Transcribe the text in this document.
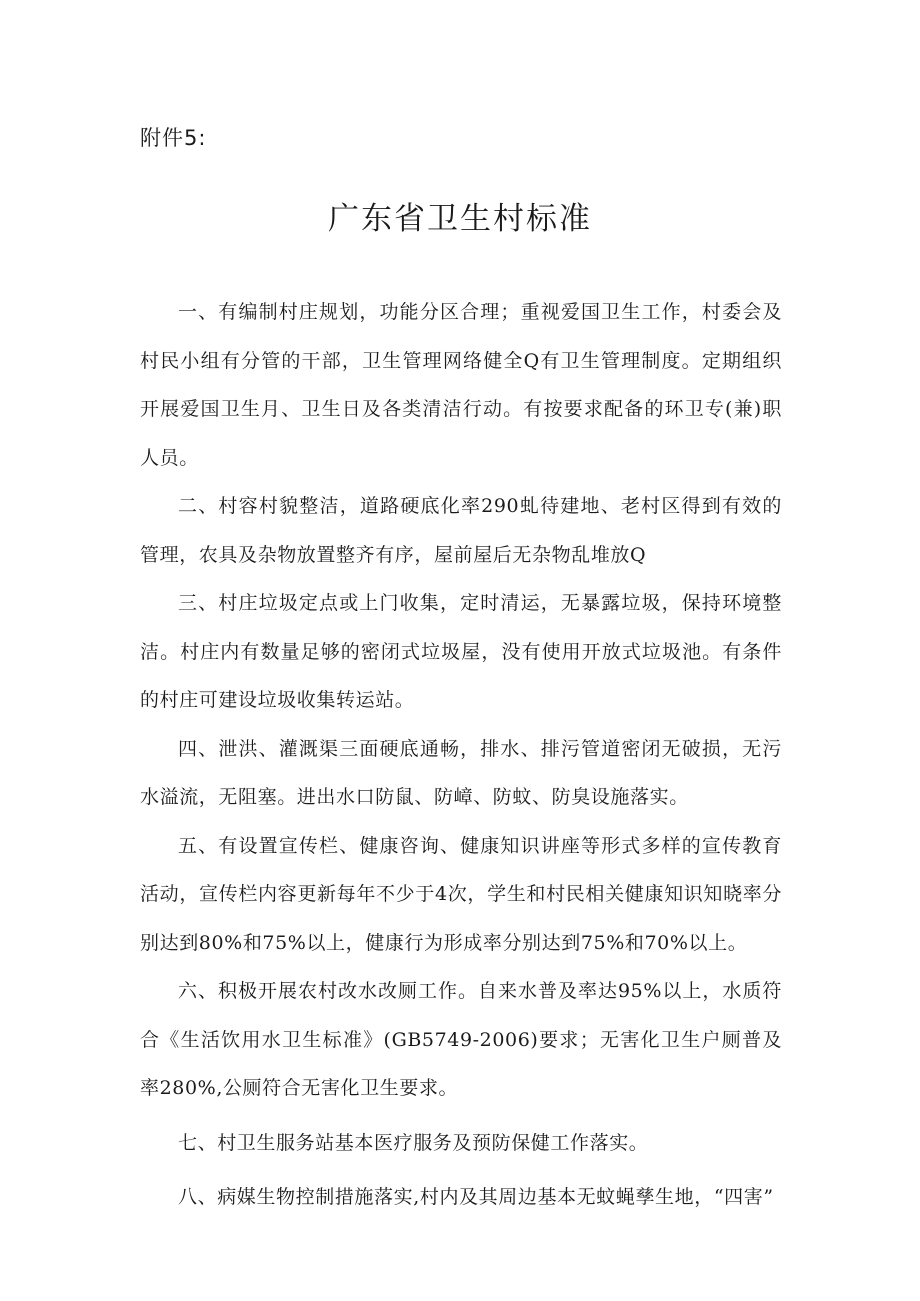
附件5:
广东省卫生村标准

一、有编制村庄规划，功能分区合理；重视爱国卫生工作，村委会及村民小组有分管的干部，卫生管理网络健全Q有卫生管理制度。定期组织开展爱国卫生月、卫生日及各类清洁行动。有按要求配备的环卫专(兼)职人员。

二、村容村貌整洁，道路硬底化率290虬待建地、老村区得到有效的管理，农具及杂物放置整齐有序，屋前屋后无杂物乱堆放Q

三、村庄垃圾定点或上门收集，定时清运，无暴露垃圾，保持环境整洁。村庄内有数量足够的密闭式垃圾屋，没有使用开放式垃圾池。有条件的村庄可建设垃圾收集转运站。

四、泄洪、灌溉渠三面硬底通畅，排水、排污管道密闭无破损，无污水溢流，无阻塞。进出水口防鼠、防嶂、防蚊、防臭设施落实。

五、有设置宣传栏、健康咨询、健康知识讲座等形式多样的宣传教育活动，宣传栏内容更新每年不少于4次，学生和村民相关健康知识知晓率分别达到80%和75%以上，健康行为形成率分别达到75%和70%以上。

六、积极开展农村改水改厕工作。自来水普及率达95%以上，水质符合《生活饮用水卫生标准》(GB5749-2006)要求；无害化卫生户厕普及率280%,公厕符合无害化卫生要求。

七、村卫生服务站基本医疗服务及预防保健工作落实。

八、病媒生物控制措施落实,村内及其周边基本无蚊蝇孳生地，“四害”
